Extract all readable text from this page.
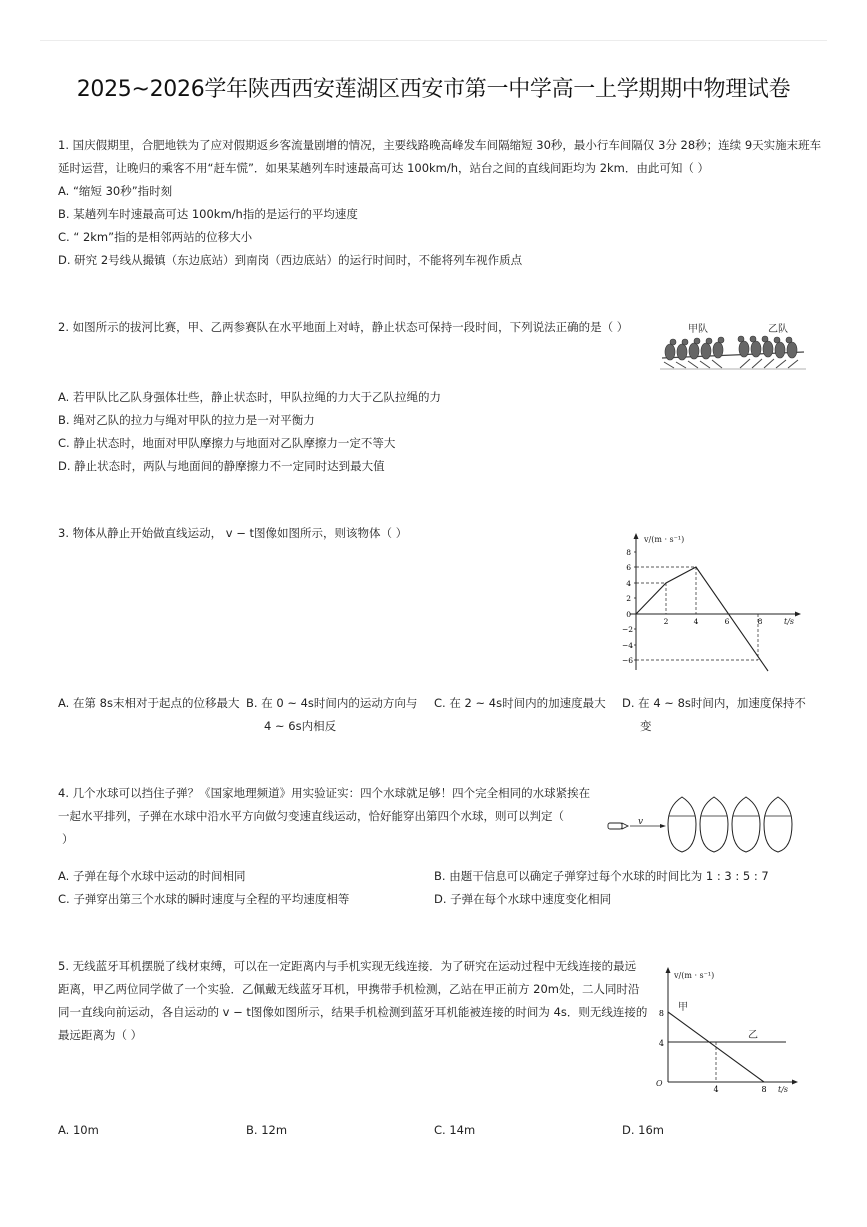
2025~2026学年陕西西安莲湖区西安市第一中学高一上学期期中物理试卷
1. 国庆假期里，合肥地铁为了应对假期返乡客流量剧增的情况，主要线路晚高峰发车间隔缩短 30秒，最小行车间隔仅 3分 28秒；连续 9天实施末班车
延时运营，让晚归的乘客不用“赶车慌”．如果某趟列车时速最高可达 100km/h，站台之间的直线间距均为 2km．由此可知（ ）
A. “缩短 30秒”指时刻
B. 某趟列车时速最高可达 100km/h指的是运行的平均速度
C. “ 2km”指的是相邻两站的位移大小
D. 研究 2号线从撮镇（东边底站）到南岗（西边底站）的运行时间时，不能将列车视作质点
2. 如图所示的拔河比赛，甲、乙两参赛队在水平地面上对峙，静止状态可保持一段时间，下列说法正确的是（ ）	甲队	乙队
A. 若甲队比乙队身强体壮些，静止状态时，甲队拉绳的力大于乙队拉绳的力
B. 绳对乙队的拉力与绳对甲队的拉力是一对平衡力
C. 静止状态时，地面对甲队摩擦力与地面对乙队摩擦力一定不等大
D. 静止状态时，两队与地面间的静摩擦力不一定同时达到最大值
3. 物体从静止开始做直线运动， v − t图像如图所示，则该物体（ ）	v/(m · s⁻¹)
t/s
8
6
4
2
0
−2
−4
−6
2	4	6	8
A. 在第 8s末相对于起点的位移最大 B. 在 0 ~ 4s时间内的运动方向与
4 ~ 6s内相反
C. 在 2 ~ 4s时间内的加速度最大 D. 在 4 ~ 8s时间内，加速度保持不
变
4. 几个水球可以挡住子弹？《国家地理频道》用实验证实：四个水球就足够！四个完全相同的水球紧挨在
一起水平排列，子弹在水球中沿水平方向做匀变速直线运动，恰好能穿出第四个水球，则可以判定（
）
v
A. 子弹在每个水球中运动的时间相同	B. 由题干信息可以确定子弹穿过每个水球的时间比为 1 : 3 : 5 : 7
C. 子弹穿出第三个水球的瞬时速度与全程的平均速度相等	D. 子弹在每个水球中速度变化相同
5. 无线蓝牙耳机摆脱了线材束缚，可以在一定距离内与手机实现无线连接．为了研究在运动过程中无线连接的最远
距离，甲乙两位同学做了一个实验．乙佩戴无线蓝牙耳机，甲携带手机检测，乙站在甲正前方 20m处，二人同时沿
同一直线向前运动，各自运动的 v − t图像如图所示，结果手机检测到蓝牙耳机能被连接的时间为 4s．则无线连接的
最远距离为（ ）
v/(m · s⁻¹)
t/s
O
8
4
4	8
甲
乙
A. 10m	B. 12m	C. 14m	D. 16m
